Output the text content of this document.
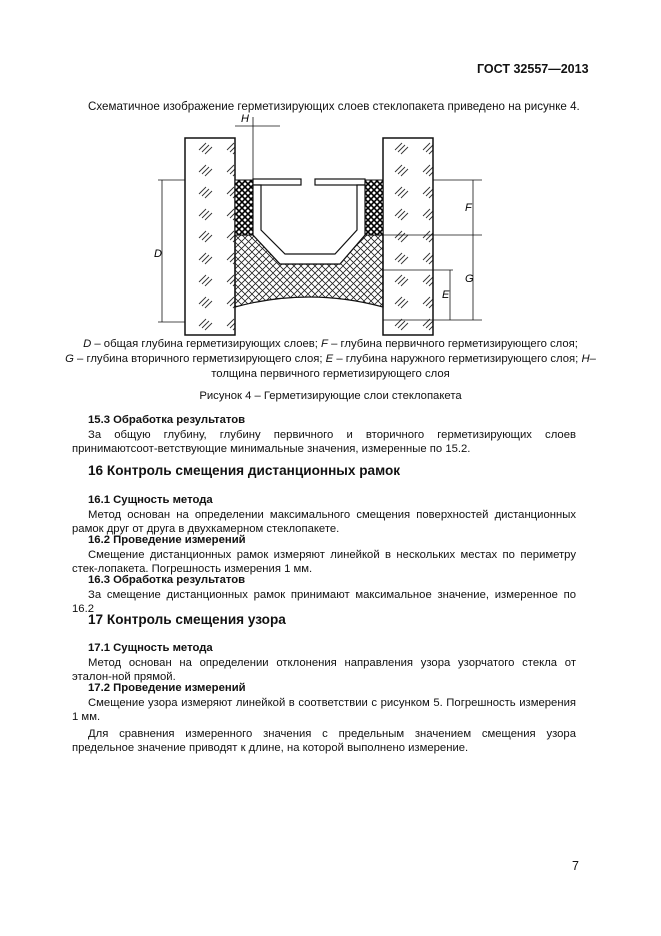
ГОСТ 32557—2013
Схематичное изображение герметизирующих слоев стеклопакета приведено на рисунке 4.
H
D
F
E
G
D – общая глубина герметизирующих слоев; F – глубина первичного герметизирующего слоя;
G – глубина вторичного герметизирующего слоя; E – глубина наружного герметизирующего слоя; H–
толщина первичного герметизирующего слоя
Рисунок 4 – Герметизирующие слои стеклопакета
15.3 Обработка результатов
За общую глубину, глубину первичного и вторичного герметизирующих слоев принимаютсоот-ветствующие минимальные значения, измеренные по 15.2.
16 Контроль смещения дистанционных рамок
16.1 Сущность метода
Метод основан на определении максимального смещения поверхностей дистанционных рамок друг от друга в двухкамерном стеклопакете.
16.2 Проведение измерений
Смещение дистанционных рамок измеряют линейкой в нескольких местах по периметру стек-лопакета. Погрешность измерения 1 мм.
16.3 Обработка результатов
За смещение дистанционных рамок принимают максимальное значение, измеренное по 16.2
17 Контроль смещения узора
17.1 Сущность метода
Метод основан на определении отклонения направления узора узорчатого стекла от эталон-ной прямой.
17.2 Проведение измерений
Смещение узора измеряют линейкой в соответствии с рисунком 5. Погрешность измерения 1 мм.
Для сравнения измеренного значения с предельным значением смещения узора предельное значение приводят к длине, на которой выполнено измерение.
7
